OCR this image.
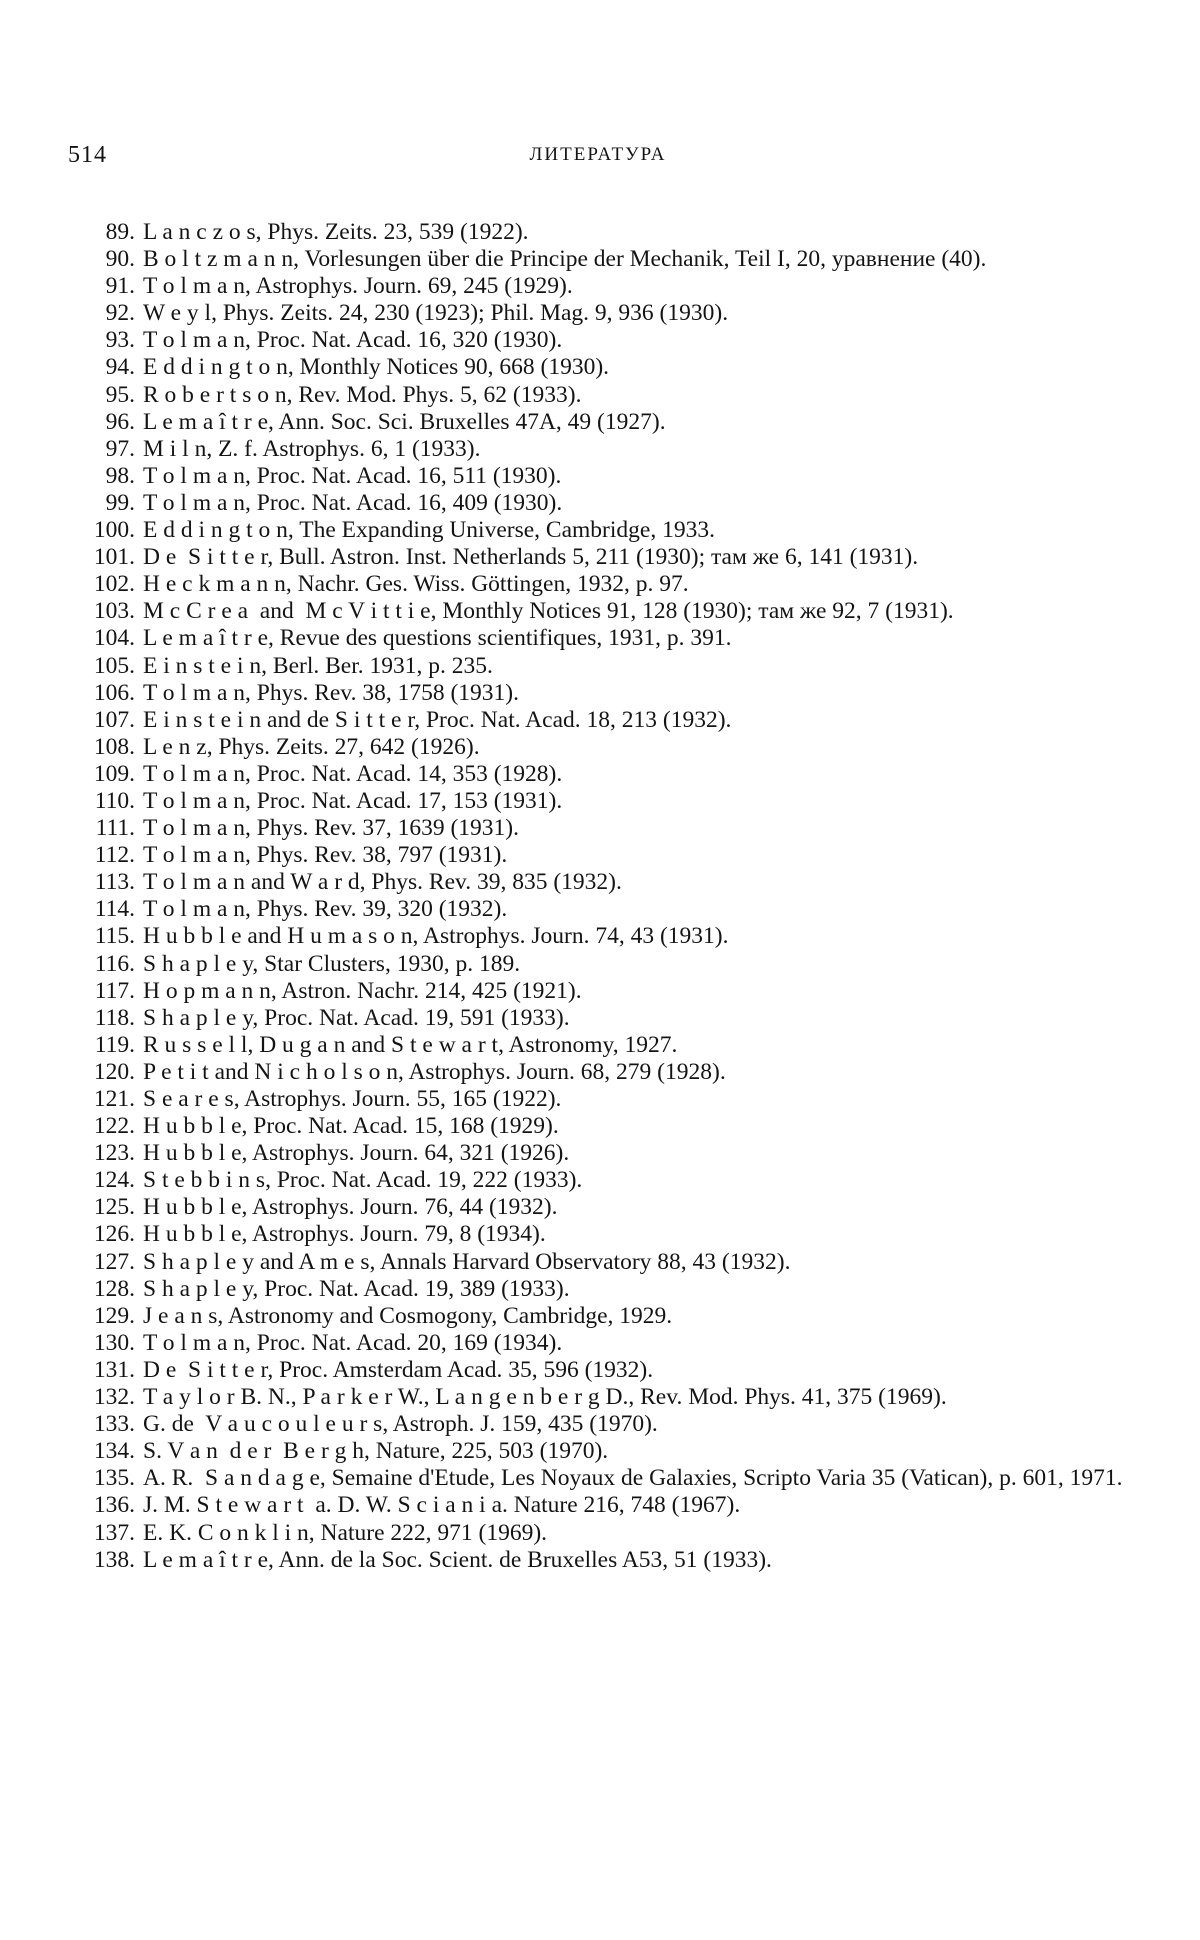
514	ЛИТЕРАТУРА
89. L a n c z o s, Phys. Zeits. 23, 539 (1922).
90. B o l t z m a n n, Vorlesungen über die Principe der Mechanik, Teil I, 20, уравнение (40).
91. T o l m a n, Astrophys. Journ. 69, 245 (1929).
92. W e y l, Phys. Zeits. 24, 230 (1923); Phil. Mag. 9, 936 (1930).
93. T o l m a n, Proc. Nat. Acad. 16, 320 (1930).
94. E d d i n g t o n, Monthly Notices 90, 668 (1930).
95. R o b e r t s o n, Rev. Mod. Phys. 5, 62 (1933).
96. L e m a î t r e, Ann. Soc. Sci. Bruxelles 47A, 49 (1927).
97. M i l n, Z. f. Astrophys. 6, 1 (1933).
98. T o l m a n, Proc. Nat. Acad. 16, 511 (1930).
99. T o l m a n, Proc. Nat. Acad. 16, 409 (1930).
100. E d d i n g t o n, The Expanding Universe, Cambridge, 1933.
101. D e  S i t t e r, Bull. Astron. Inst. Netherlands 5, 211 (1930); там же 6, 141 (1931).
102. H e c k m a n n, Nachr. Ges. Wiss. Göttingen, 1932, p. 97.
103. M c C r e a  and  M c V i t t i e, Monthly Notices 91, 128 (1930); там же 92, 7 (1931).
104. L e m a î t r e, Revue des questions scientifiques, 1931, p. 391.
105. E i n s t e i n, Berl. Ber. 1931, p. 235.
106. T o l m a n, Phys. Rev. 38, 1758 (1931).
107. E i n s t e i n and de S i t t e r, Proc. Nat. Acad. 18, 213 (1932).
108. L e n z, Phys. Zeits. 27, 642 (1926).
109. T o l m a n, Proc. Nat. Acad. 14, 353 (1928).
110. T o l m a n, Proc. Nat. Acad. 17, 153 (1931).
111. T o l m a n, Phys. Rev. 37, 1639 (1931).
112. T o l m a n, Phys. Rev. 38, 797 (1931).
113. T o l m a n and W a r d, Phys. Rev. 39, 835 (1932).
114. T o l m a n, Phys. Rev. 39, 320 (1932).
115. H u b b l e and H u m a s o n, Astrophys. Journ. 74, 43 (1931).
116. S h a p l e y, Star Clusters, 1930, p. 189.
117. H o p m a n n, Astron. Nachr. 214, 425 (1921).
118. S h a p l e y, Proc. Nat. Acad. 19, 591 (1933).
119. R u s s e l l, D u g a n and S t e w a r t, Astronomy, 1927.
120. P e t i t and N i c h o l s o n, Astrophys. Journ. 68, 279 (1928).
121. S e a r e s, Astrophys. Journ. 55, 165 (1922).
122. H u b b l e, Proc. Nat. Acad. 15, 168 (1929).
123. H u b b l e, Astrophys. Journ. 64, 321 (1926).
124. S t e b b i n s, Proc. Nat. Acad. 19, 222 (1933).
125. H u b b l e, Astrophys. Journ. 76, 44 (1932).
126. H u b b l e, Astrophys. Journ. 79, 8 (1934).
127. S h a p l e y and A m e s, Annals Harvard Observatory 88, 43 (1932).
128. S h a p l e y, Proc. Nat. Acad. 19, 389 (1933).
129. J e a n s, Astronomy and Cosmogony, Cambridge, 1929.
130. T o l m a n, Proc. Nat. Acad. 20, 169 (1934).
131. D e  S i t t e r, Proc. Amsterdam Acad. 35, 596 (1932).
132. T a y l o r B. N., P a r k e r W., L a n g e n b e r g D., Rev. Mod. Phys. 41, 375 (1969).
133. G. de  V a u c o u l e u r s, Astroph. J. 159, 435 (1970).
134. S. V a n  d e r  B e r g h, Nature, 225, 503 (1970).
135. A. R.  S a n d a g e, Semaine d'Etude, Les Noyaux de Galaxies, Scripto Varia 35 (Vatican), p. 601, 1971.
136. J. M. S t e w a r t  a. D. W. S c i a n i a. Nature 216, 748 (1967).
137. E. K. C o n k l i n, Nature 222, 971 (1969).
138. L e m a î t r e, Ann. de la Soc. Scient. de Bruxelles A53, 51 (1933).
